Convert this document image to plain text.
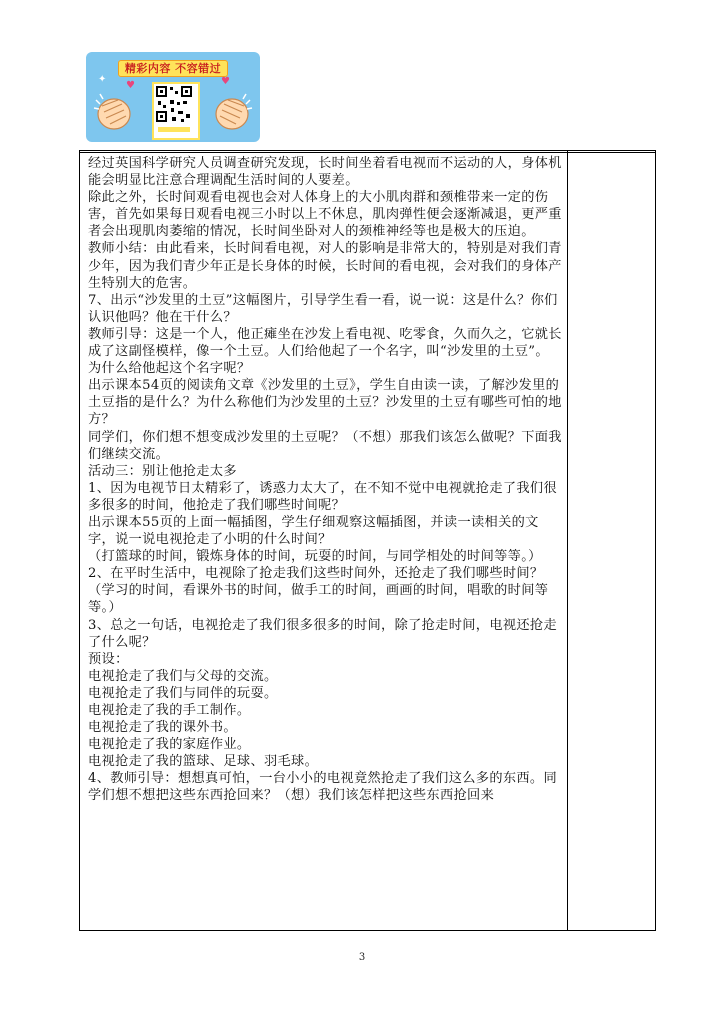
精彩内容 不容错过
✦	♥
♥

经过英国科学研究人员调查研究发现，长时间坐着看电视而不运动的人，身体机能会明显比注意合理调配生活时间的人要差。

除此之外，长时间观看电视也会对人体身上的大小肌肉群和颈椎带来一定的伤害，首先如果每日观看电视三小时以上不休息，肌肉弹性便会逐渐减退，更严重者会出现肌肉萎缩的情况，长时间坐卧对人的颈椎神经等也是极大的压迫。

教师小结：由此看来，长时间看电视，对人的影响是非常大的，特别是对我们青少年，因为我们青少年正是长身体的时候，长时间的看电视，会对我们的身体产生特别大的危害。

7、出示“沙发里的土豆”这幅图片，引导学生看一看，说一说：这是什么？你们认识他吗？他在干什么？

教师引导：这是一个人，他正瘫坐在沙发上看电视、吃零食，久而久之，它就长成了这副怪模样，像一个土豆。人们给他起了一个名字，叫“沙发里的土豆”。为什么给他起这个名字呢？

出示课本54页的阅读角文章《沙发里的土豆》，学生自由读一读，了解沙发里的土豆指的是什么？为什么称他们为沙发里的土豆？沙发里的土豆有哪些可怕的地方？

同学们，你们想不想变成沙发里的土豆呢？（不想）那我们该怎么做呢？下面我们继续交流。

活动三：别让他抢走太多

1、因为电视节日太精彩了，诱惑力太大了，在不知不觉中电视就抢走了我们很多很多的时间，他抢走了我们哪些时间呢？

出示课本55页的上面一幅插图，学生仔细观察这幅插图，并读一读相关的文字，说一说电视抢走了小明的什么时间？

（打篮球的时间，锻炼身体的时间，玩耍的时间，与同学相处的时间等等。）

2、在平时生活中，电视除了抢走我们这些时间外，还抢走了我们哪些时间？

（学习的时间，看课外书的时间，做手工的时间，画画的时间，唱歌的时间等等。）

3、总之一句话，电视抢走了我们很多很多的时间，除了抢走时间，电视还抢走了什么呢？

预设：

电视抢走了我们与父母的交流。

电视抢走了我们与同伴的玩耍。

电视抢走了我的手工制作。

电视抢走了我的课外书。

电视抢走了我的家庭作业。

电视抢走了我的篮球、足球、羽毛球。

4、教师引导：想想真可怕，一台小小的电视竟然抢走了我们这么多的东西。同学们想不想把这些东西抢回来？（想）我们该怎样把这些东西抢回来

3
